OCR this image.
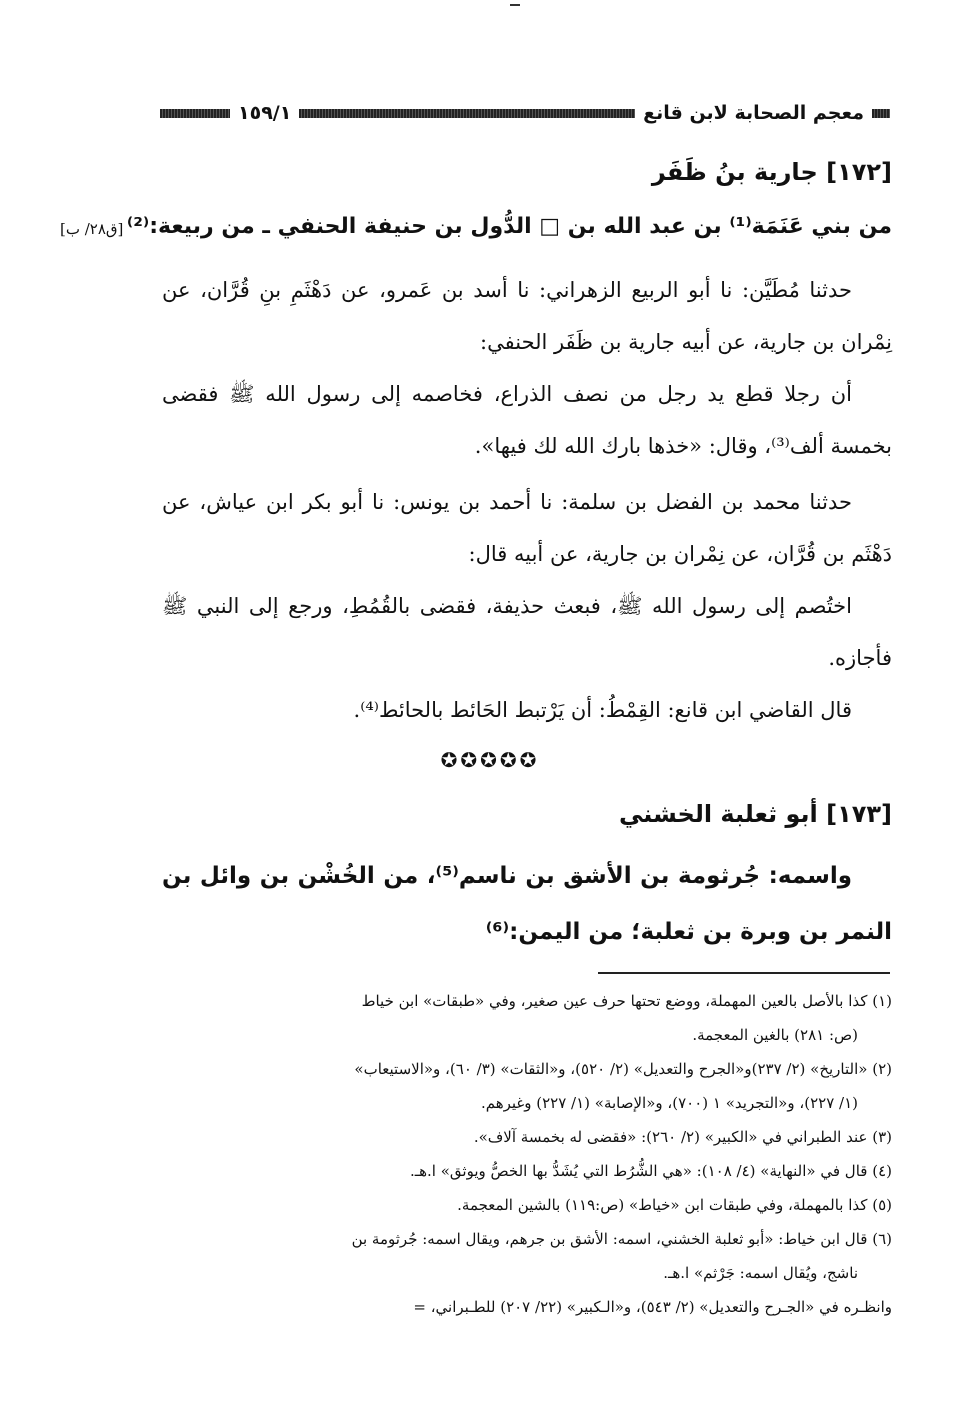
معجم الصحابة لابن قانع
١٥٩/١
[١٧٢] جارية بنُ ظَفَر
من بني عَنَمَة⁽¹⁾ بن عبد الله بن □ الدُّول بن حنيفة الحنفي ـ من ربيعة:⁽²⁾
[ق٢٨/ ب]
حدثنا مُطَيَّن: نا أبو الربيع الزهراني: نا أسد بن عَمرو، عن دَهْثَمِ بنِ قُرَّان، عن نِمْران بن جارية، عن أبيه جارية بن ظَفَر الحنفي:
أن رجلا قطع يد رجل من نصف الذراع، فخاصمه إلى رسول الله ﷺ فقضى بخمسة ألف⁽³⁾، وقال: «خذها بارك الله لك فيها».
حدثنا محمد بن الفضل بن سلمة: نا أحمد بن يونس: نا أبو بكر ابن عياش، عن دَهْثَم بن قُرَّان، عن نِمْران بن جارية، عن أبيه قال:
اختُصم إلى رسول الله ﷺ، فبعث حذيفة، فقضى بالقُمُطِ، ورجع إلى النبي ﷺ فأجازه.
قال القاضي ابن قانع: القِمْطُ: أن يَرْتبط الحَائط بالحائط⁽⁴⁾.
✪✪✪✪✪
[١٧٣] أبو ثعلبة الخشني
واسمه: جُرثومة بن الأشق بن ناسم⁽⁵⁾، من الخُشْن بن وائل بن النمر بن وبرة بن ثعلبة؛ من اليمن:⁽⁶⁾
(١) كذا بالأصل بالعين المهملة، ووضع تحتها حرف عين صغير، وفي «طبقات» ابن خياط
(ص: ٢٨١) بالغين المعجمة.
(٢) «التاريخ» (٢/ ٢٣٧)و«الجرح والتعديل» (٢/ ٥٢٠)، و«الثقات» (٣/ ٦٠)، و«الاستيعاب»
(١/ ٢٢٧)، و«التجريد» ١ (٧٠٠)، و«الإصابة» (١/ ٢٢٧) وغيرهم.
(٣) عند الطبراني في «الكبير» (٢/ ٢٦٠): «فقضى له بخمسة آلاف».
(٤) قال في «النهاية» (٤/ ١٠٨): «هي الشُّرُط التي يُشَدُّ بها الخصُّ ويوثق» ا.هـ.
(٥) كذا بالمهملة، وفي طبقات ابن «خياط» (ص:١١٩) بالشين المعجمة.
(٦) قال ابن خياط: «أبو ثعلبة الخشني، اسمه: الأشق بن جرهم، ويقال اسمه: جُرثومة بن
ناشج، ويُقال اسمه: جَرْثم» ا.هـ.
وانظـره في «الجـرح والتعديل» (٢/ ٥٤٣)، و«الـكبير» (٢٢/ ٢٠٧) للطـبراني، =
